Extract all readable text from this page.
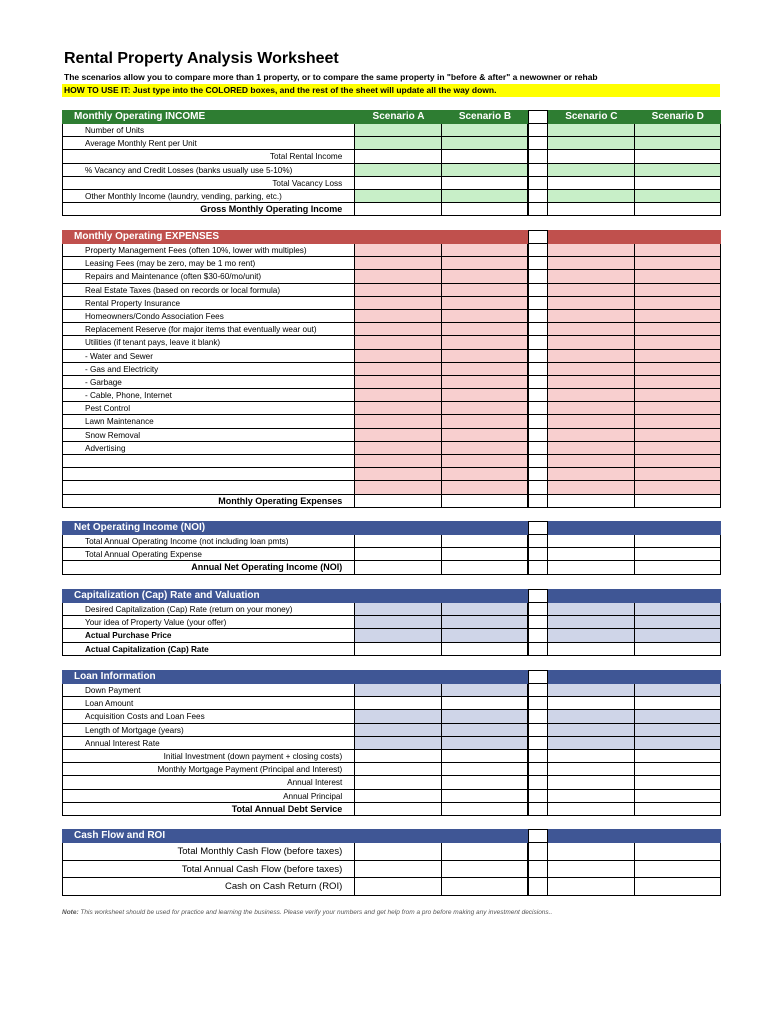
Rental Property Analysis Worksheet
The scenarios allow you to compare more than 1 property, or to compare the same property in "before & after" a newowner or rehab
HOW TO USE IT: Just type into the COLORED boxes, and the rest of the sheet will update all the way down.
Monthly Operating INCOME	Scenario A	Scenario B	Scenario C	Scenario D
Number of Units
Average Monthly Rent per Unit
Total Rental Income
% Vacancy and Credit Losses (banks usually use 5-10%)
Total Vacancy Loss
Other Monthly Income (laundry, vending, parking, etc.)
Gross Monthly Operating Income
Monthly Operating EXPENSES
Property Management Fees (often 10%, lower with multiples)
Leasing Fees (may be zero, may be 1 mo rent)
Repairs and Maintenance (often $30-60/mo/unit)
Real Estate Taxes (based on records or local formula)
Rental Property Insurance
Homeowners/Condo Association Fees
Replacement Reserve (for major items that eventually wear out)
Utilities (if tenant pays, leave it blank)
- Water and Sewer
- Gas and Electricity
- Garbage
- Cable, Phone, Internet
Pest Control
Lawn Maintenance
Snow Removal
Advertising
Monthly Operating Expenses
Net Operating Income (NOI)
Total Annual Operating Income (not including loan pmts)
Total Annual Operating Expense
Annual Net Operating Income (NOI)
Capitalization (Cap) Rate and Valuation
Desired Capitalization (Cap) Rate (return on your money)
Your idea of Property Value (your offer)
Actual Purchase Price
Actual Capitalization (Cap) Rate
Loan Information
Down Payment
Loan Amount
Acquisition Costs and Loan Fees
Length of Mortgage (years)
Annual Interest Rate
Initial Investment (down payment + closing costs)
Monthly Mortgage Payment (Principal and Interest)
Annual Interest
Annual Principal
Total Annual Debt Service
Cash Flow and ROI
Total Monthly Cash Flow (before taxes)
Total Annual Cash Flow (before taxes)
Cash on Cash Return (ROI)
Note: This worksheet should be used for practice and learning the business. Please verify your numbers and get help from a pro before making any investment decisions..
